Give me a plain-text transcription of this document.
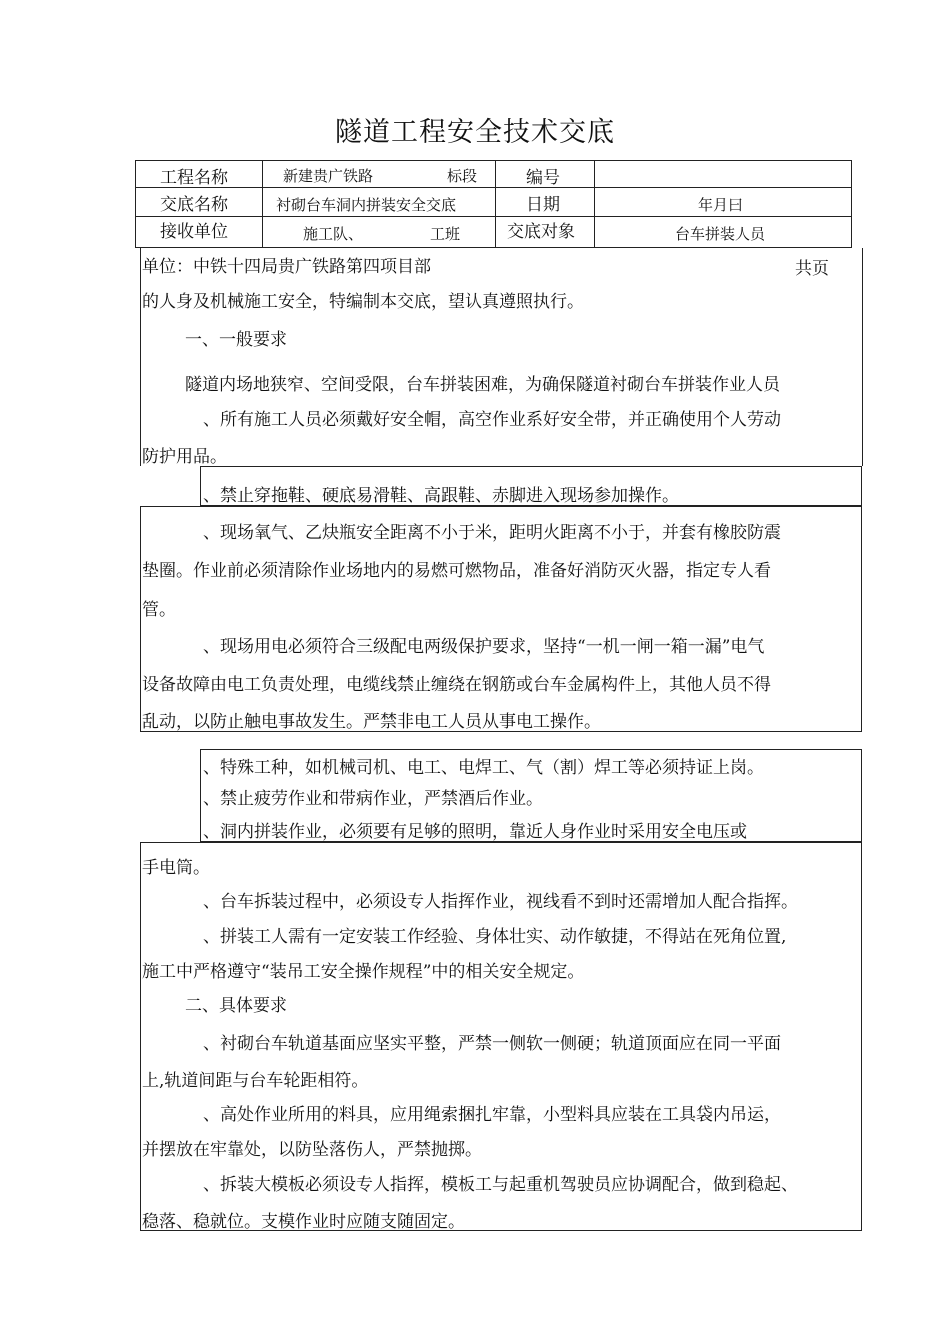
隧道工程安全技术交底
工程名称	新建贵广铁路	标段	编号
交底名称	衬砌台车洞内拼装安全交底	日期	年月曰
接收单位	施工队、	工班	交底对象	台车拼装人员
单位：中铁十四局贵广铁路第四项目部	共页
的人身及机械施工安全，特编制本交底，望认真遵照执行。
一、一般要求
隧道内场地狭窄、空间受限，台车拼装困难，为确保隧道衬砌台车拼装作业人员
、所有施工人员必须戴好安全帽，高空作业系好安全带，并正确使用个人劳动
防护用品。
、禁止穿拖鞋、硬底易滑鞋、高跟鞋、赤脚进入现场参加操作。
、现场氧气、乙炔瓶安全距离不小于米，距明火距离不小于，并套有橡胶防震
垫圈。作业前必须清除作业场地内的易燃可燃物品，准备好消防灭火器，指定专人看
管。
、现场用电必须符合三级配电两级保护要求，坚持“一机一闸一箱一漏”电气
设备故障由电工负责处理，电缆线禁止缠绕在钢筋或台车金属构件上，其他人员不得
乱动，以防止触电事故发生。严禁非电工人员从事电工操作。
、特殊工种，如机械司机、电工、电焊工、气（割）焊工等必须持证上岗。
、禁止疲劳作业和带病作业，严禁酒后作业。
、洞内拼装作业，必须要有足够的照明，靠近人身作业时采用安全电压或
手电筒。
、台车拆装过程中，必须设专人指挥作业，视线看不到时还需增加人配合指挥。
、拼装工人需有一定安装工作经验、身体壮实、动作敏捷，不得站在死角位置,
施工中严格遵守“装吊工安全操作规程”中的相关安全规定。
二、具体要求
、衬砌台车轨道基面应坚实平整，严禁一侧软一侧硬；轨道顶面应在同一平面
上,轨道间距与台车轮距相符。
、高处作业所用的料具，应用绳索捆扎牢靠，小型料具应装在工具袋内吊运，
并摆放在牢靠处，以防坠落伤人，严禁抛掷。
、拆装大模板必须设专人指挥，模板工与起重机驾驶员应协调配合，做到稳起、
稳落、稳就位。支模作业时应随支随固定。
